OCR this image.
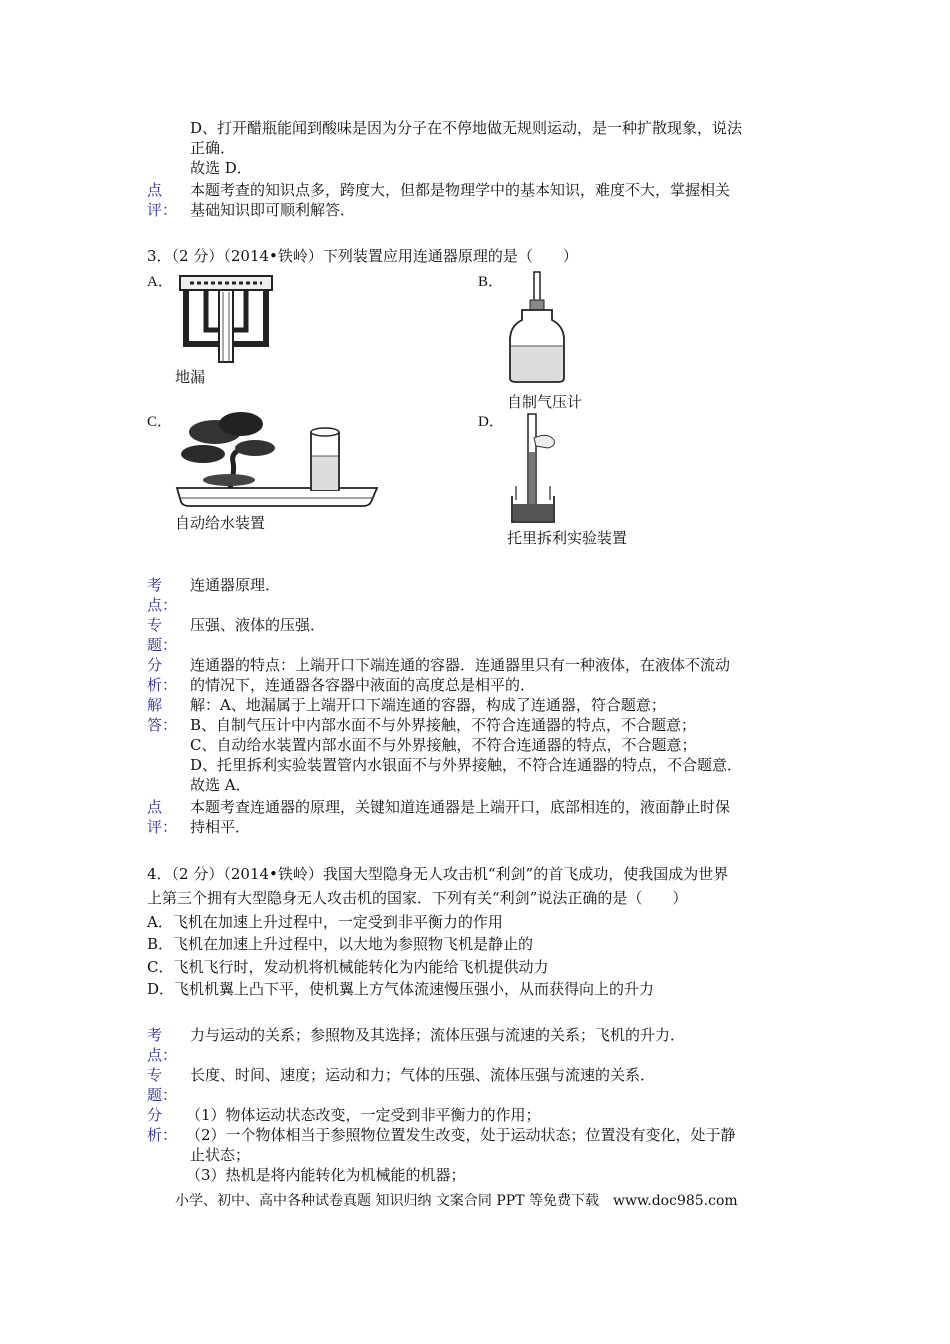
D、打开醋瓶能闻到酸味是因为分子在不停地做无规则运动，是一种扩散现象，说法
正确．
故选 D．
点
评：
本题考查的知识点多，跨度大，但都是物理学中的基本知识，难度不大，掌握相关
基础知识即可顺利解答．
3．（2 分）（2014•铁岭）下列装置应用连通器原理的是（　　）
A．
地漏
B．
自制气压计
C．
自动给水装置
D．
托里拆利实验装置
考
点：
连通器原理．
专
题：
压强、液体的压强．
分
析：
连通器的特点：上端开口下端连通的容器．连通器里只有一种液体，在液体不流动
的情况下，连通器各容器中液面的高度总是相平的．
解
答：
解：A、地漏属于上端开口下端连通的容器，构成了连通器，符合题意；
B、自制气压计中内部水面不与外界接触，不符合连通器的特点，不合题意；
C、自动给水装置内部水面不与外界接触，不符合连通器的特点，不合题意；
D、托里拆利实验装置管内水银面不与外界接触，不符合连通器的特点，不合题意．
故选 A．
点
评：
本题考查连通器的原理，关键知道连通器是上端开口，底部相连的，液面静止时保
持相平．
4．（2 分）（2014•铁岭）我国大型隐身无人攻击机“利剑”的首飞成功，使我国成为世界
上第三个拥有大型隐身无人攻击机的国家．下列有关“利剑”说法正确的是（　　）
A．飞机在加速上升过程中，一定受到非平衡力的作用
B．飞机在加速上升过程中，以大地为参照物飞机是静止的
C．飞机飞行时，发动机将机械能转化为内能给飞机提供动力
D．飞机机翼上凸下平，使机翼上方气体流速慢压强小，从而获得向上的升力
考
点：
力与运动的关系；参照物及其选择；流体压强与流速的关系；飞机的升力．
专
题：
长度、时间、速度；运动和力；气体的压强、流体压强与流速的关系．
分
析：
（1）物体运动状态改变，一定受到非平衡力的作用；
（2）一个物体相当于参照物位置发生改变，处于运动状态；位置没有变化，处于静
止状态；
（3）热机是将内能转化为机械能的机器；
小学、初中、高中各种试卷真题 知识归纳 文案合同 PPT 等免费下载　www.doc985.com
